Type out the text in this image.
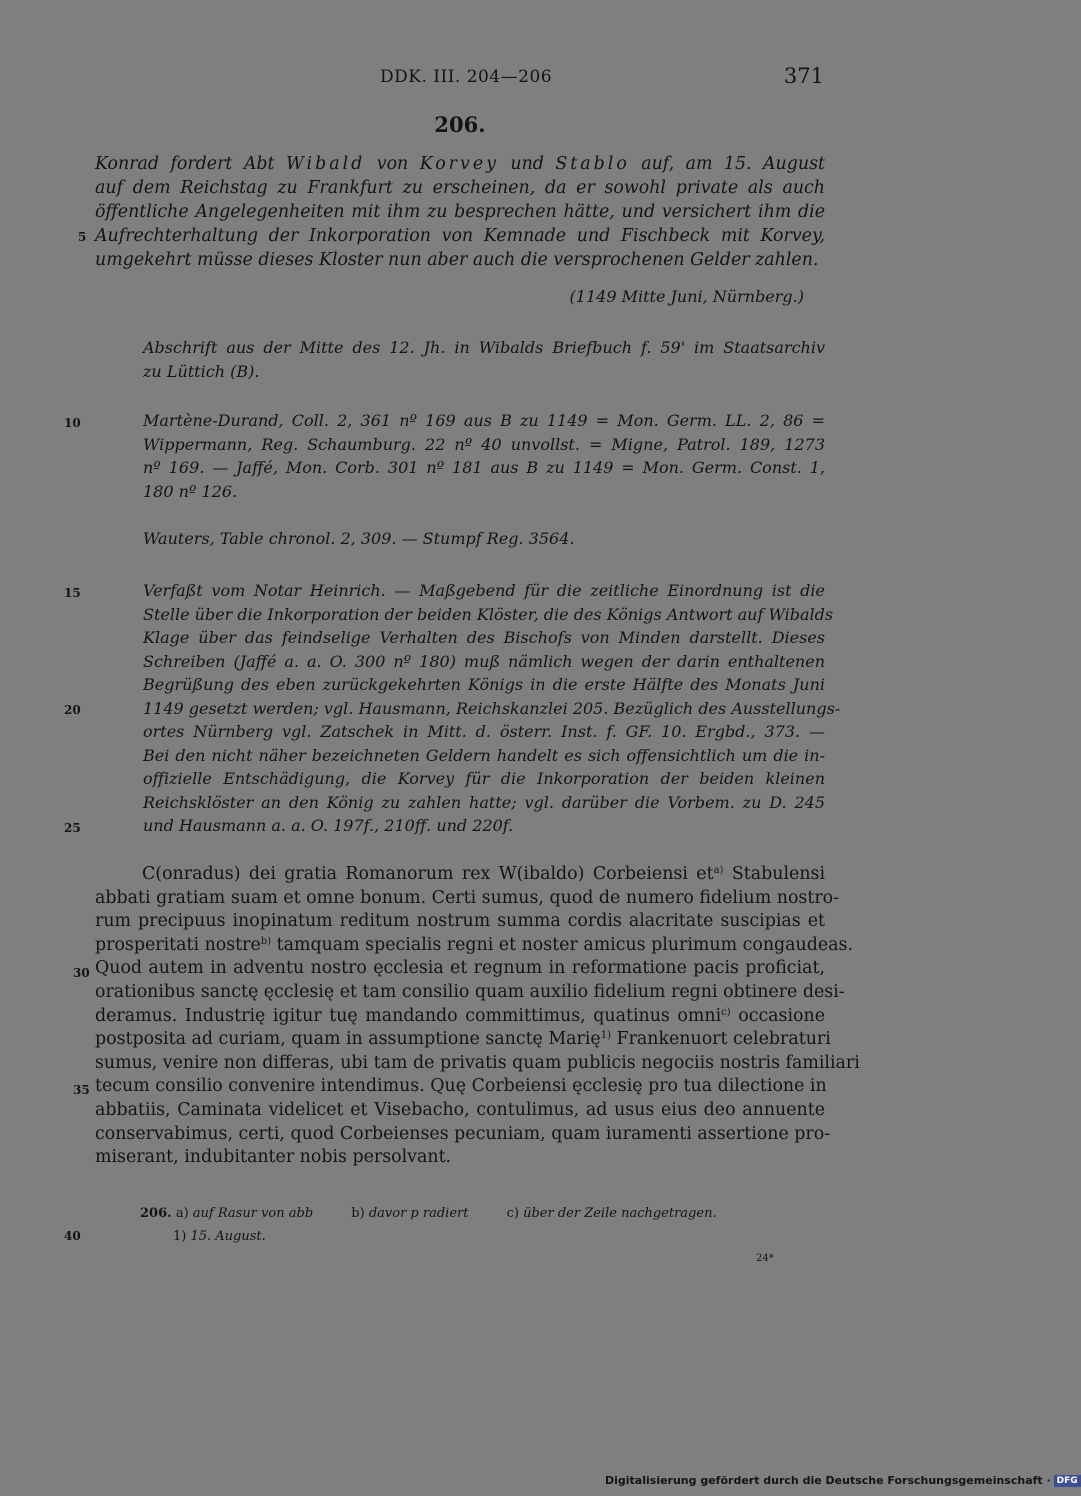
DDK. III. 204—206	371
206.
Konrad fordert Abt Wibald von Korvey und Stablo auf, am 15. August
auf dem Reichstag zu Frankfurt zu erscheinen, da er sowohl private als auch
öffentliche Angelegenheiten mit ihm zu besprechen hätte, und versichert ihm die
Aufrechterhaltung der Inkorporation von Kemnade und Fischbeck mit Korvey,
umgekehrt müsse dieses Kloster nun aber auch die versprochenen Gelder zahlen.
(1149 Mitte Juni, Nürnberg.)
Abschrift aus der Mitte des 12. Jh. in Wibalds Briefbuch f. 59' im Staatsarchiv
zu Lüttich (B).
Martène-Durand, Coll. 2, 361 nº 169 aus B zu 1149 = Mon. Germ. LL. 2, 86 =
Wippermann, Reg. Schaumburg. 22 nº 40 unvollst. = Migne, Patrol. 189, 1273
nº 169. — Jaffé, Mon. Corb. 301 nº 181 aus B zu 1149 = Mon. Germ. Const. 1,
180 nº 126.
Wauters, Table chronol. 2, 309. — Stumpf Reg. 3564.
Verfaßt vom Notar Heinrich. — Maßgebend für die zeitliche Einordnung ist die
Stelle über die Inkorporation der beiden Klöster, die des Königs Antwort auf Wibalds
Klage über das feindselige Verhalten des Bischofs von Minden darstellt. Dieses
Schreiben (Jaffé a. a. O. 300 nº 180) muß nämlich wegen der darin enthaltenen
Begrüßung des eben zurückgekehrten Königs in die erste Hälfte des Monats Juni
1149 gesetzt werden; vgl. Hausmann, Reichskanzlei 205. Bezüglich des Ausstellungs-
ortes Nürnberg vgl. Zatschek in Mitt. d. österr. Inst. f. GF. 10. Ergbd., 373. —
Bei den nicht näher bezeichneten Geldern handelt es sich offensichtlich um die in-
offizielle Entschädigung, die Korvey für die Inkorporation der beiden kleinen
Reichsklöster an den König zu zahlen hatte; vgl. darüber die Vorbem. zu D. 245
und Hausmann a. a. O. 197f., 210ff. und 220f.
C(onradus) dei gratia Romanorum rex W(ibaldo) Corbeiensi $et^{a)}$ Stabulensi
abbati gratiam suam et omne bonum. Certi sumus, quod de numero fidelium nostro-
rum precipuus inopinatum reditum nostrum summa cordis alacritate suscipias et
prosperitati nostre$^{b)}$ tamquam specialis regni et noster amicus plurimum congaudeas.
Quod autem in adventu nostro ęcclesia et regnum in reformatione pacis proficiat,
orationibus sanctę ęcclesię et tam consilio quam auxilio fidelium regni obtinere desi-
deramus. Industrię igitur tuę mandando committimus, quatinus omni$^{c)}$ occasione
postposita ad curiam, quam in assumptione sanctę Marię$^{1)}$ Frankenuort celebraturi
sumus, venire non differas, ubi tam de privatis quam publicis negociis nostris familiari
tecum consilio convenire intendimus. Quę Corbeiensi ęcclesię pro tua dilectione in
abbatiis, Caminata videlicet et Visebacho, contulimus, ad usus eius deo annuente
conservabimus, certi, quod Corbeienses pecuniam, quam iuramenti assertione pro-
miserant, indubitanter nobis persolvant.
5
10
15
20
25
30
35
40
206. a) auf Rasur von abb	b) davor p radiert	c) über der Zeile nachgetragen.
1) 15. August.
24*
Digitalisierung gefördert durch die Deutsche Forschungsgemeinschaft · DFG
